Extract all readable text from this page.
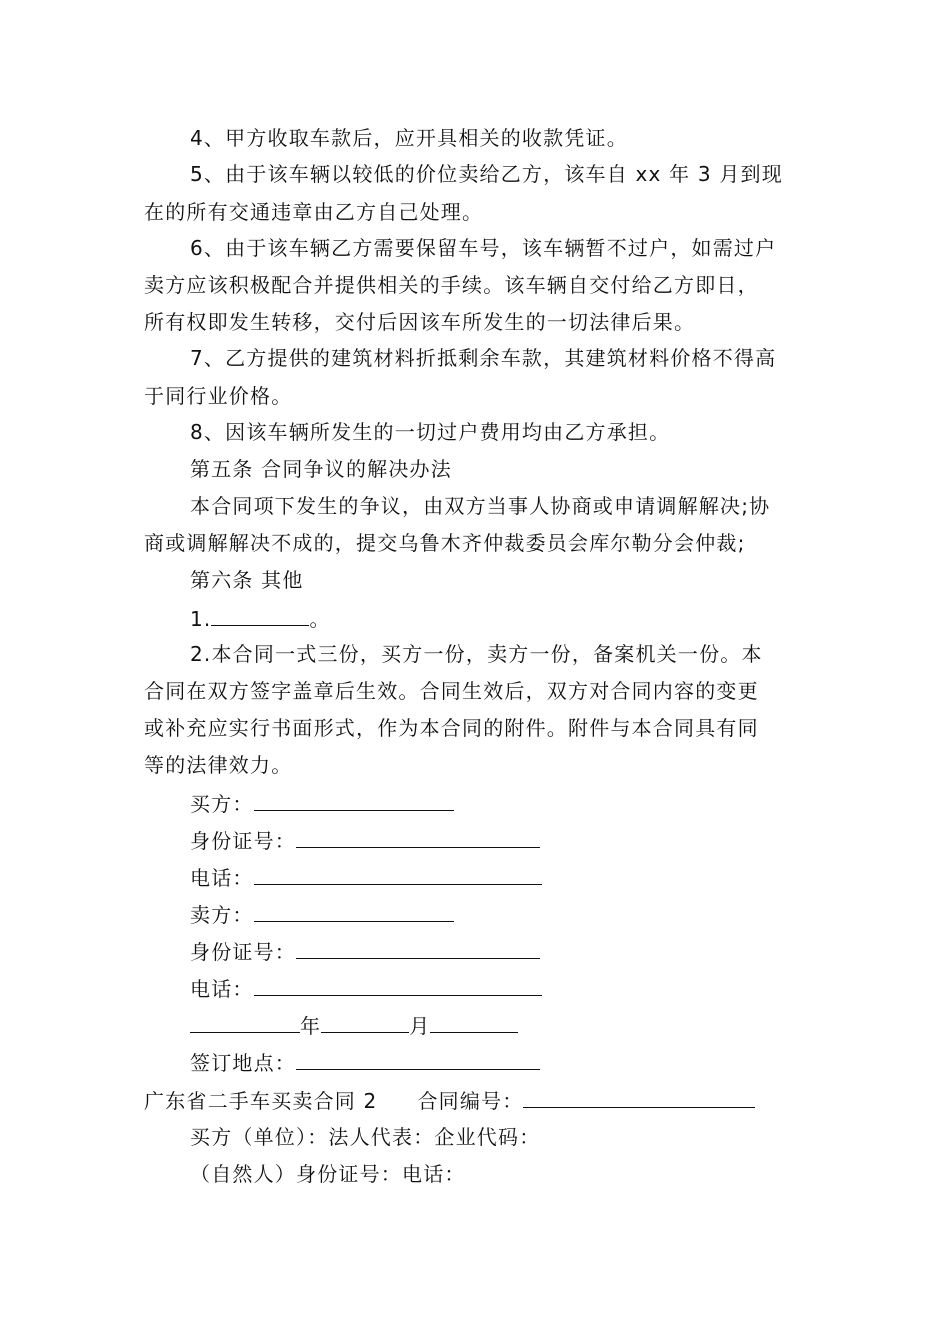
4、甲方收取车款后，应开具相关的收款凭证。
5、由于该车辆以较低的价位卖给乙方，该车自 xx 年 3 月到现
在的所有交通违章由乙方自己处理。
6、由于该车辆乙方需要保留车号，该车辆暂不过户，如需过户
卖方应该积极配合并提供相关的手续。该车辆自交付给乙方即日，
所有权即发生转移，交付后因该车所发生的一切法律后果。
7、乙方提供的建筑材料折抵剩余车款，其建筑材料价格不得高
于同行业价格。
8、因该车辆所发生的一切过户费用均由乙方承担。
第五条 合同争议的解决办法
本合同项下发生的争议，由双方当事人协商或申请调解解决;协
商或调解解决不成的，提交乌鲁木齐仲裁委员会库尔勒分会仲裁;
第六条 其他
1.	。
2.本合同一式三份，买方一份，卖方一份，备案机关一份。本
合同在双方签字盖章后生效。合同生效后，双方对合同内容的变更
或补充应实行书面形式，作为本合同的附件。附件与本合同具有同
等的法律效力。
买方：
身份证号：
电话：
卖方：
身份证号：
电话：
年	月
签订地点：
广东省二手车买卖合同 2 合同编号：
买方（单位）：法人代表：企业代码：
（自然人）身份证号：电话：
